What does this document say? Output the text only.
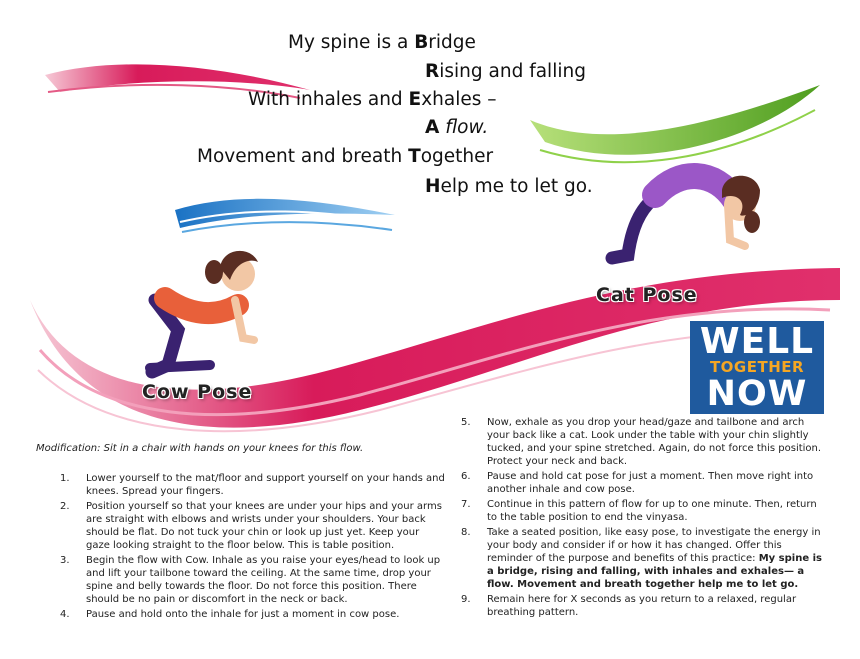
My spine is a Bridge
Rising and falling
With inhales and Exhales –
A flow.
Movement and breath Together
Help me to let go.
Cat Pose
Cow Pose
WELL
TOGETHER
NOW
Modification: Sit in a chair with hands on your knees for this flow.
1. Lower yourself to the mat/floor and support yourself on your hands and knees. Spread your fingers.
2. Position yourself so that your knees are under your hips and your arms are straight with elbows and wrists under your shoulders. Your back should be flat. Do not tuck your chin or look up just yet. Keep your gaze looking straight to the floor below. This is table position.
3. Begin the flow with Cow. Inhale as you raise your eyes/head to look up and lift your tailbone toward the ceiling. At the same time, drop your spine and belly towards the floor. Do not force this position. There should be no pain or discomfort in the neck or back.
4. Pause and hold onto the inhale for just a moment in cow pose.
5. Now, exhale as you drop your head/gaze and tailbone and arch your back like a cat. Look under the table with your chin slightly tucked, and your spine stretched. Again, do not force this position. Protect your neck and back.
6. Pause and hold cat pose for just a moment. Then move right into another inhale and cow pose.
7. Continue in this pattern of flow for up to one minute. Then, return to the table position to end the vinyasa.
8. Take a seated position, like easy pose, to investigate the energy in your body and consider if or how it has changed. Offer this reminder of the purpose and benefits of this practice: My spine is a bridge, rising and falling, with inhales and exhales— a flow. Movement and breath together help me to let go.
9. Remain here for X seconds as you return to a relaxed, regular breathing pattern.
